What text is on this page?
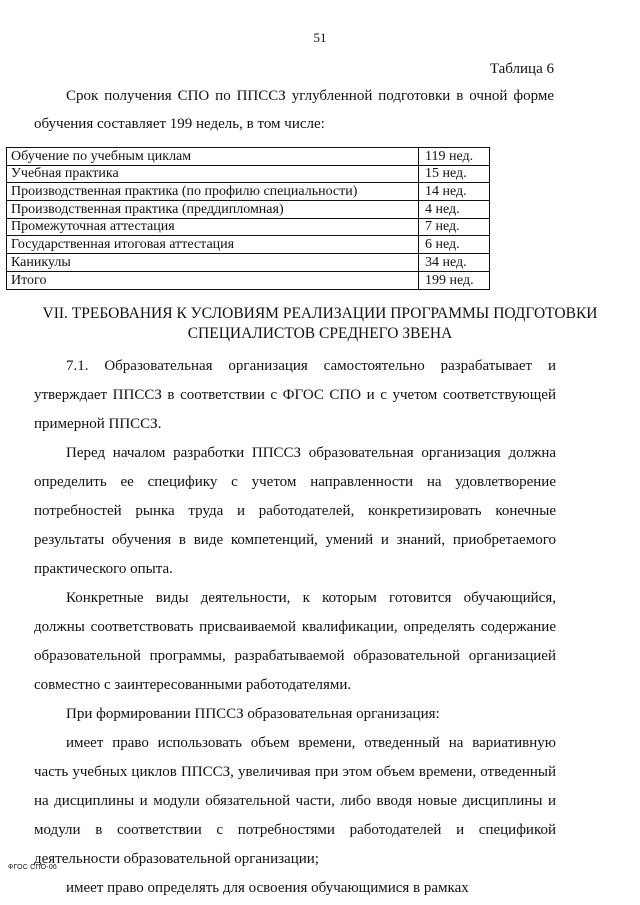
51
Таблица 6

Срок получения СПО по ППССЗ углубленной подготовки в очной форме обучения составляет 199 недель, в том числе:

Обучение по учебным циклам	119 нед.
Учебная практика	15 нед.
Производственная практика (по профилю специальности)	14 нед.
Производственная практика (преддипломная)	4 нед.
Промежуточная аттестация	7 нед.
Государственная итоговая аттестация	6 нед.
Каникулы	34 нед.
Итого	199 нед.
VII. ТРЕБОВАНИЯ К УСЛОВИЯМ РЕАЛИЗАЦИИ ПРОГРАММЫ ПОДГОТОВКИ
СПЕЦИАЛИСТОВ СРЕДНЕГО ЗВЕНА

7.1. Образовательная организация самостоятельно разрабатывает и утверждает ППССЗ в соответствии с ФГОС СПО и с учетом соответствующей примерной ППССЗ.

Перед началом разработки ППССЗ образовательная организация должна определить ее специфику с учетом направленности на удовлетворение потребностей рынка труда и работодателей, конкретизировать конечные результаты обучения в виде компетенций, умений и знаний, приобретаемого практического опыта.

Конкретные виды деятельности, к которым готовится обучающийся, должны соответствовать присваиваемой квалификации, определять содержание образовательной программы, разрабатываемой образовательной организацией совместно с заинтересованными работодателями.

При формировании ППССЗ образовательная организация:

имеет право использовать объем времени, отведенный на вариативную часть учебных циклов ППССЗ, увеличивая при этом объем времени, отведенный на дисциплины и модули обязательной части, либо вводя новые дисциплины и модули в соответствии с потребностями работодателей и спецификой деятельности образовательной организации;

имеет право определять для освоения обучающимися в рамках

ФГОС СПО-06
